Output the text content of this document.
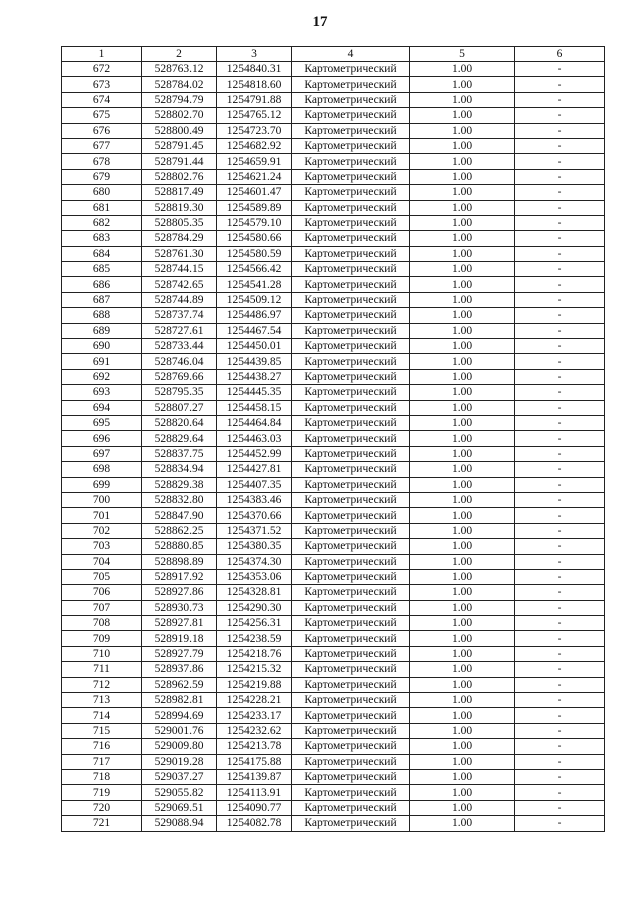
17
1	2	3	4	5	6
672	528763.12	1254840.31	Картометрический	1.00	-
673	528784.02	1254818.60	Картометрический	1.00	-
674	528794.79	1254791.88	Картометрический	1.00	-
675	528802.70	1254765.12	Картометрический	1.00	-
676	528800.49	1254723.70	Картометрический	1.00	-
677	528791.45	1254682.92	Картометрический	1.00	-
678	528791.44	1254659.91	Картометрический	1.00	-
679	528802.76	1254621.24	Картометрический	1.00	-
680	528817.49	1254601.47	Картометрический	1.00	-
681	528819.30	1254589.89	Картометрический	1.00	-
682	528805.35	1254579.10	Картометрический	1.00	-
683	528784.29	1254580.66	Картометрический	1.00	-
684	528761.30	1254580.59	Картометрический	1.00	-
685	528744.15	1254566.42	Картометрический	1.00	-
686	528742.65	1254541.28	Картометрический	1.00	-
687	528744.89	1254509.12	Картометрический	1.00	-
688	528737.74	1254486.97	Картометрический	1.00	-
689	528727.61	1254467.54	Картометрический	1.00	-
690	528733.44	1254450.01	Картометрический	1.00	-
691	528746.04	1254439.85	Картометрический	1.00	-
692	528769.66	1254438.27	Картометрический	1.00	-
693	528795.35	1254445.35	Картометрический	1.00	-
694	528807.27	1254458.15	Картометрический	1.00	-
695	528820.64	1254464.84	Картометрический	1.00	-
696	528829.64	1254463.03	Картометрический	1.00	-
697	528837.75	1254452.99	Картометрический	1.00	-
698	528834.94	1254427.81	Картометрический	1.00	-
699	528829.38	1254407.35	Картометрический	1.00	-
700	528832.80	1254383.46	Картометрический	1.00	-
701	528847.90	1254370.66	Картометрический	1.00	-
702	528862.25	1254371.52	Картометрический	1.00	-
703	528880.85	1254380.35	Картометрический	1.00	-
704	528898.89	1254374.30	Картометрический	1.00	-
705	528917.92	1254353.06	Картометрический	1.00	-
706	528927.86	1254328.81	Картометрический	1.00	-
707	528930.73	1254290.30	Картометрический	1.00	-
708	528927.81	1254256.31	Картометрический	1.00	-
709	528919.18	1254238.59	Картометрический	1.00	-
710	528927.79	1254218.76	Картометрический	1.00	-
711	528937.86	1254215.32	Картометрический	1.00	-
712	528962.59	1254219.88	Картометрический	1.00	-
713	528982.81	1254228.21	Картометрический	1.00	-
714	528994.69	1254233.17	Картометрический	1.00	-
715	529001.76	1254232.62	Картометрический	1.00	-
716	529009.80	1254213.78	Картометрический	1.00	-
717	529019.28	1254175.88	Картометрический	1.00	-
718	529037.27	1254139.87	Картометрический	1.00	-
719	529055.82	1254113.91	Картометрический	1.00	-
720	529069.51	1254090.77	Картометрический	1.00	-
721	529088.94	1254082.78	Картометрический	1.00	-
